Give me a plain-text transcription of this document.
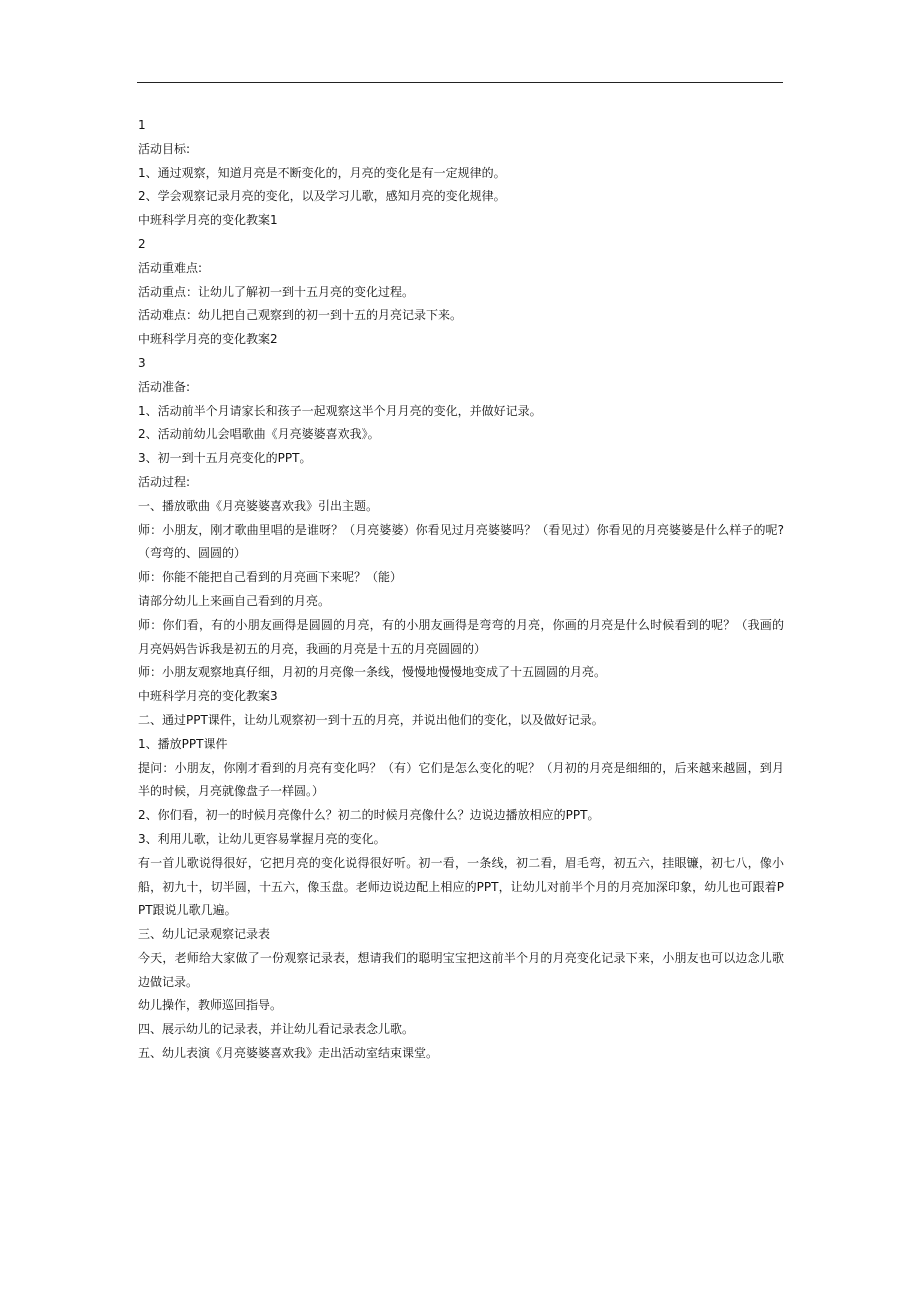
1
活动目标:
1、通过观察，知道月亮是不断变化的，月亮的变化是有一定规律的。
2、学会观察记录月亮的变化，以及学习儿歌，感知月亮的变化规律。
中班科学月亮的变化教案1
2
活动重难点:
活动重点：让幼儿了解初一到十五月亮的变化过程。
活动难点：幼儿把自己观察到的初一到十五的月亮记录下来。
中班科学月亮的变化教案2
3
活动准备:
1、活动前半个月请家长和孩子一起观察这半个月月亮的变化，并做好记录。
2、活动前幼儿会唱歌曲《月亮婆婆喜欢我》。
3、初一到十五月亮变化的PPT。
活动过程:
一、播放歌曲《月亮婆婆喜欢我》引出主题。
师：小朋友，刚才歌曲里唱的是谁呀？（月亮婆婆）你看见过月亮婆婆吗？（看见过）你看见的月亮婆婆是什么样子的呢?（弯弯的、圆圆的）
师：你能不能把自己看到的月亮画下来呢？（能）
请部分幼儿上来画自己看到的月亮。
师：你们看，有的小朋友画得是圆圆的月亮，有的小朋友画得是弯弯的月亮，你画的月亮是什么时候看到的呢？（我画的月亮妈妈告诉我是初五的月亮，我画的月亮是十五的月亮圆圆的）
师：小朋友观察地真仔细，月初的月亮像一条线，慢慢地慢慢地变成了十五圆圆的月亮。
中班科学月亮的变化教案3
二、通过PPT课件，让幼儿观察初一到十五的月亮，并说出他们的变化，以及做好记录。
1、播放PPT课件
提问：小朋友，你刚才看到的月亮有变化吗？（有）它们是怎么变化的呢？（月初的月亮是细细的，后来越来越圆，到月半的时候，月亮就像盘子一样圆。）
2、你们看，初一的时候月亮像什么？初二的时候月亮像什么？边说边播放相应的PPT。
3、利用儿歌，让幼儿更容易掌握月亮的变化。
有一首儿歌说得很好，它把月亮的变化说得很好听。初一看，一条线，初二看，眉毛弯，初五六，挂眼镰，初七八，像小船，初九十，切半圆，十五六，像玉盘。老师边说边配上相应的PPT，让幼儿对前半个月的月亮加深印象，幼儿也可跟着PPT跟说儿歌几遍。
三、幼儿记录观察记录表
今天，老师给大家做了一份观察记录表，想请我们的聪明宝宝把这前半个月的月亮变化记录下来，小朋友也可以边念儿歌边做记录。
幼儿操作，教师巡回指导。
四、展示幼儿的记录表，并让幼儿看记录表念儿歌。
五、幼儿表演《月亮婆婆喜欢我》走出活动室结束课堂。
